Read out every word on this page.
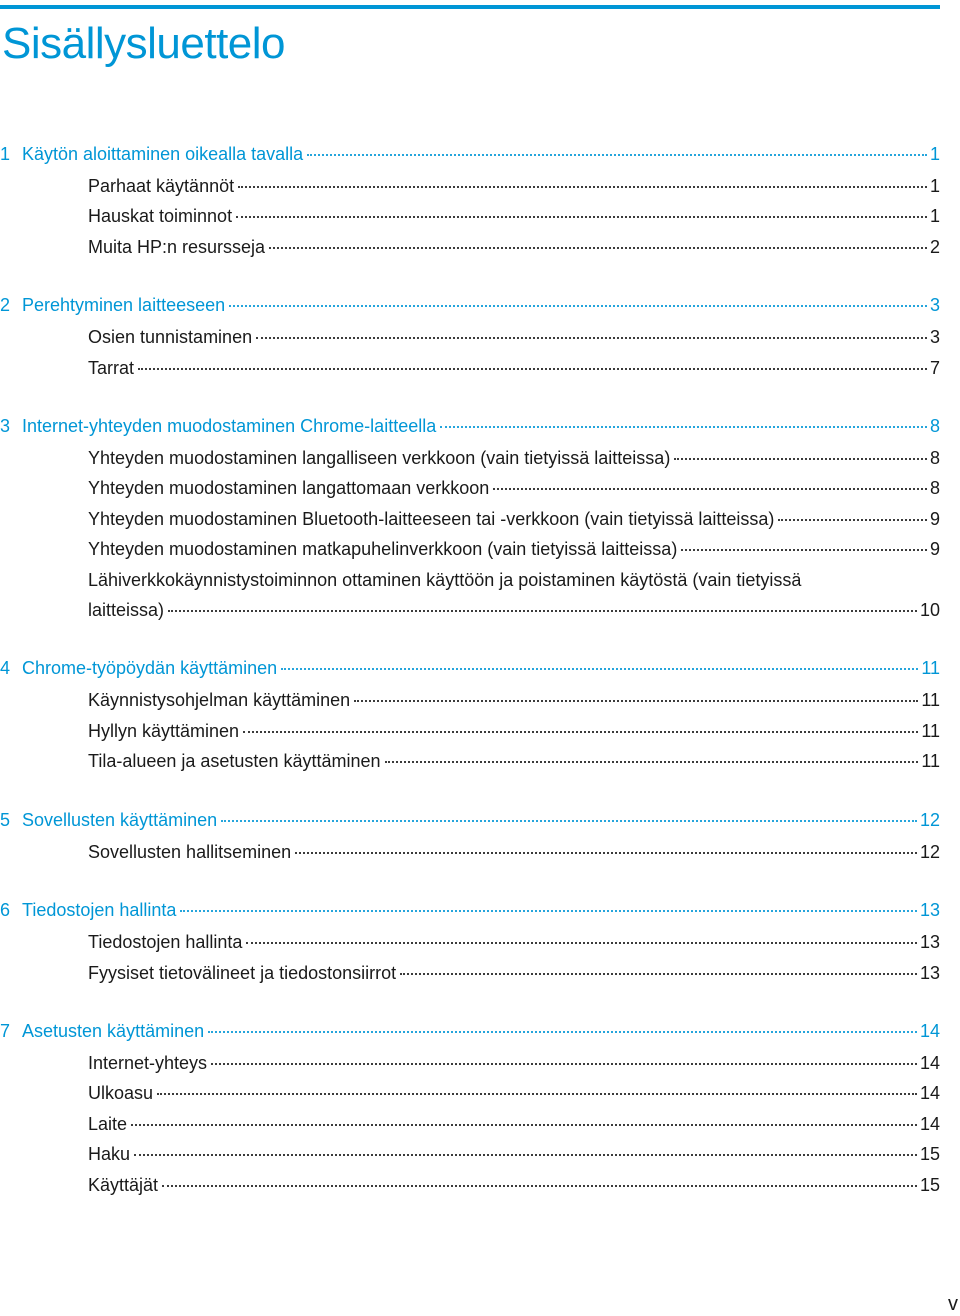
Sisällysluettelo
1 Käytön aloittaminen oikealla tavalla	1
Parhaat käytännöt	1
Hauskat toiminnot	1
Muita HP:n resursseja	2
2 Perehtyminen laitteeseen	3
Osien tunnistaminen	3
Tarrat	7
3 Internet-yhteyden muodostaminen Chrome-laitteella	8
Yhteyden muodostaminen langalliseen verkkoon (vain tietyissä laitteissa)	8
Yhteyden muodostaminen langattomaan verkkoon	8
Yhteyden muodostaminen Bluetooth-laitteeseen tai -verkkoon (vain tietyissä laitteissa)	9
Yhteyden muodostaminen matkapuhelinverkkoon (vain tietyissä laitteissa)	9
Lähiverkkokäynnistystoiminnon ottaminen käyttöön ja poistaminen käytöstä (vain tietyissä
laitteissa)	10
4 Chrome-työpöydän käyttäminen	11
Käynnistysohjelman käyttäminen	11
Hyllyn käyttäminen	11
Tila-alueen ja asetusten käyttäminen	11
5 Sovellusten käyttäminen	12
Sovellusten hallitseminen	12
6 Tiedostojen hallinta	13
Tiedostojen hallinta	13
Fyysiset tietovälineet ja tiedostonsiirrot	13
7 Asetusten käyttäminen	14
Internet-yhteys	14
Ulkoasu	14
Laite	14
Haku	15
Käyttäjät	15
v
